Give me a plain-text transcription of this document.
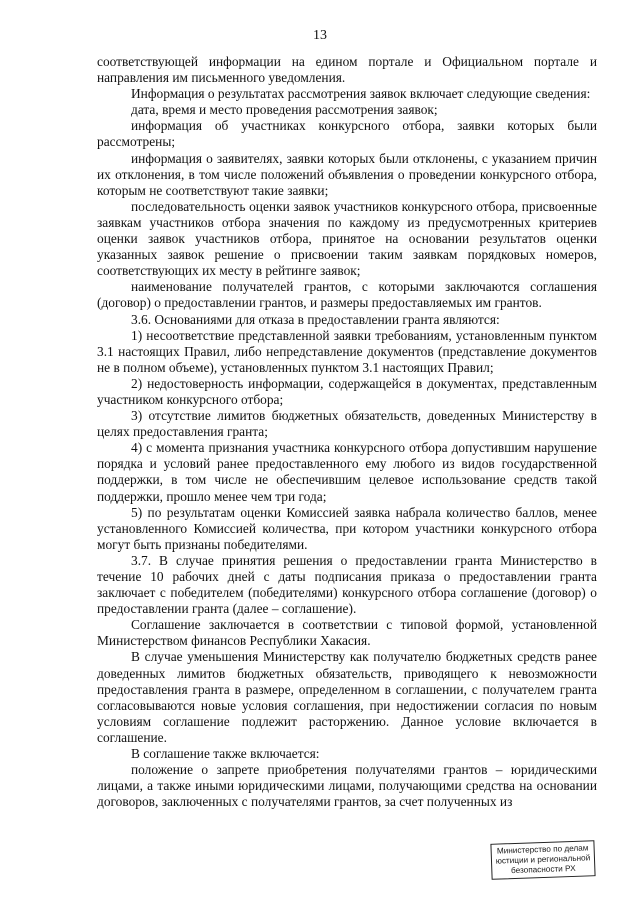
13

соответствующей информации на едином портале и Официальном портале и направления им письменного уведомления.

Информация о результатах рассмотрения заявок включает следующие сведения:

дата, время и место проведения рассмотрения заявок;

информация об участниках конкурсного отбора, заявки которых были рассмотрены;

информация о заявителях, заявки которых были отклонены, с указанием причин их отклонения, в том числе положений объявления о проведении конкурсного отбора, которым не соответствуют такие заявки;

последовательность оценки заявок участников конкурсного отбора, присвоенные заявкам участников отбора значения по каждому из предусмотренных критериев оценки заявок участников отбора, принятое на основании результатов оценки указанных заявок решение о присвоении таким заявкам порядковых номеров, соответствующих их месту в рейтинге заявок;

наименование получателей грантов, с которыми заключаются соглашения (договор) о предоставлении грантов, и размеры предоставляемых им грантов.

3.6. Основаниями для отказа в предоставлении гранта являются:

1) несоответствие представленной заявки требованиям, установленным пунктом 3.1 настоящих Правил, либо непредставление документов (представление документов не в полном объеме), установленных пунктом 3.1 настоящих Правил;

2) недостоверность информации, содержащейся в документах, представленным участником конкурсного отбора;

3) отсутствие лимитов бюджетных обязательств, доведенных Министерству в целях предоставления гранта;

4) с момента признания участника конкурсного отбора допустившим нарушение порядка и условий ранее предоставленного ему любого из видов государственной поддержки, в том числе не обеспечившим целевое использование средств такой поддержки, прошло менее чем три года;

5) по результатам оценки Комиссией заявка набрала количество баллов, менее установленного Комиссией количества, при котором участники конкурсного отбора могут быть признаны победителями.

3.7. В случае принятия решения о предоставлении гранта Министерство в течение 10 рабочих дней с даты подписания приказа о предоставлении гранта заключает с победителем (победителями) конкурсного отбора соглашение (договор) о предоставлении гранта (далее – соглашение).

Соглашение заключается в соответствии с типовой формой, установленной Министерством финансов Республики Хакасия.

В случае уменьшения Министерству как получателю бюджетных средств ранее доведенных лимитов бюджетных обязательств, приводящего к невозможности предоставления гранта в размере, определенном в соглашении, с получателем гранта согласовываются новые условия соглашения, при недостижении согласия по новым условиям соглашение подлежит расторжению. Данное условие включается в соглашение.

В соглашение также включается:

положение о запрете приобретения получателями грантов – юридическими лицами, а также иными юридическими лицами, получающими средства на основании договоров, заключенных с получателями грантов, за счет полученных из

Министерство по делам
юстиции и региональной
безопасности РХ
